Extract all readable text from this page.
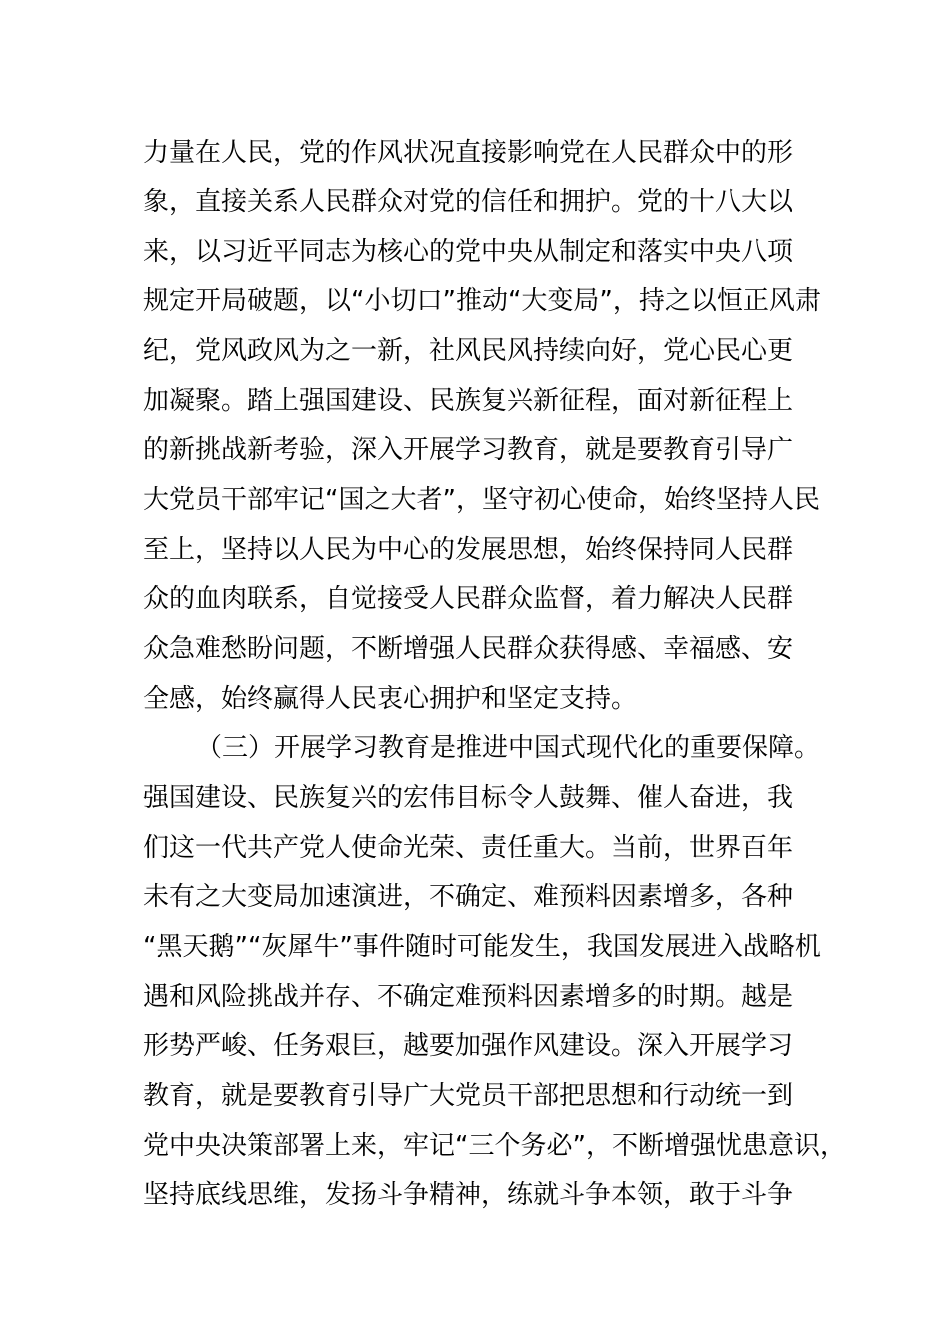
力量在人民，党的作风状况直接影响党在人民群众中的形
象，直接关系人民群众对党的信任和拥护。党的十八大以
来，以习近平同志为核心的党中央从制定和落实中央八项
规定开局破题，以“小切口”推动“大变局”，持之以恒正风肃
纪，党风政风为之一新，社风民风持续向好，党心民心更
加凝聚。踏上强国建设、民族复兴新征程，面对新征程上
的新挑战新考验，深入开展学习教育，就是要教育引导广
大党员干部牢记“国之大者”，坚守初心使命，始终坚持人民
至上，坚持以人民为中心的发展思想，始终保持同人民群
众的血肉联系，自觉接受人民群众监督，着力解决人民群
众急难愁盼问题，不断增强人民群众获得感、幸福感、安
全感，始终赢得人民衷心拥护和坚定支持。
（三）开展学习教育是推进中国式现代化的重要保障。
强国建设、民族复兴的宏伟目标令人鼓舞、催人奋进，我
们这一代共产党人使命光荣、责任重大。当前，世界百年
未有之大变局加速演进，不确定、难预料因素增多，各种
“黑天鹅”“灰犀牛”事件随时可能发生，我国发展进入战略机
遇和风险挑战并存、不确定难预料因素增多的时期。越是
形势严峻、任务艰巨，越要加强作风建设。深入开展学习
教育，就是要教育引导广大党员干部把思想和行动统一到
党中央决策部署上来，牢记“三个务必”，不断增强忧患意识，
坚持底线思维，发扬斗争精神，练就斗争本领，敢于斗争
